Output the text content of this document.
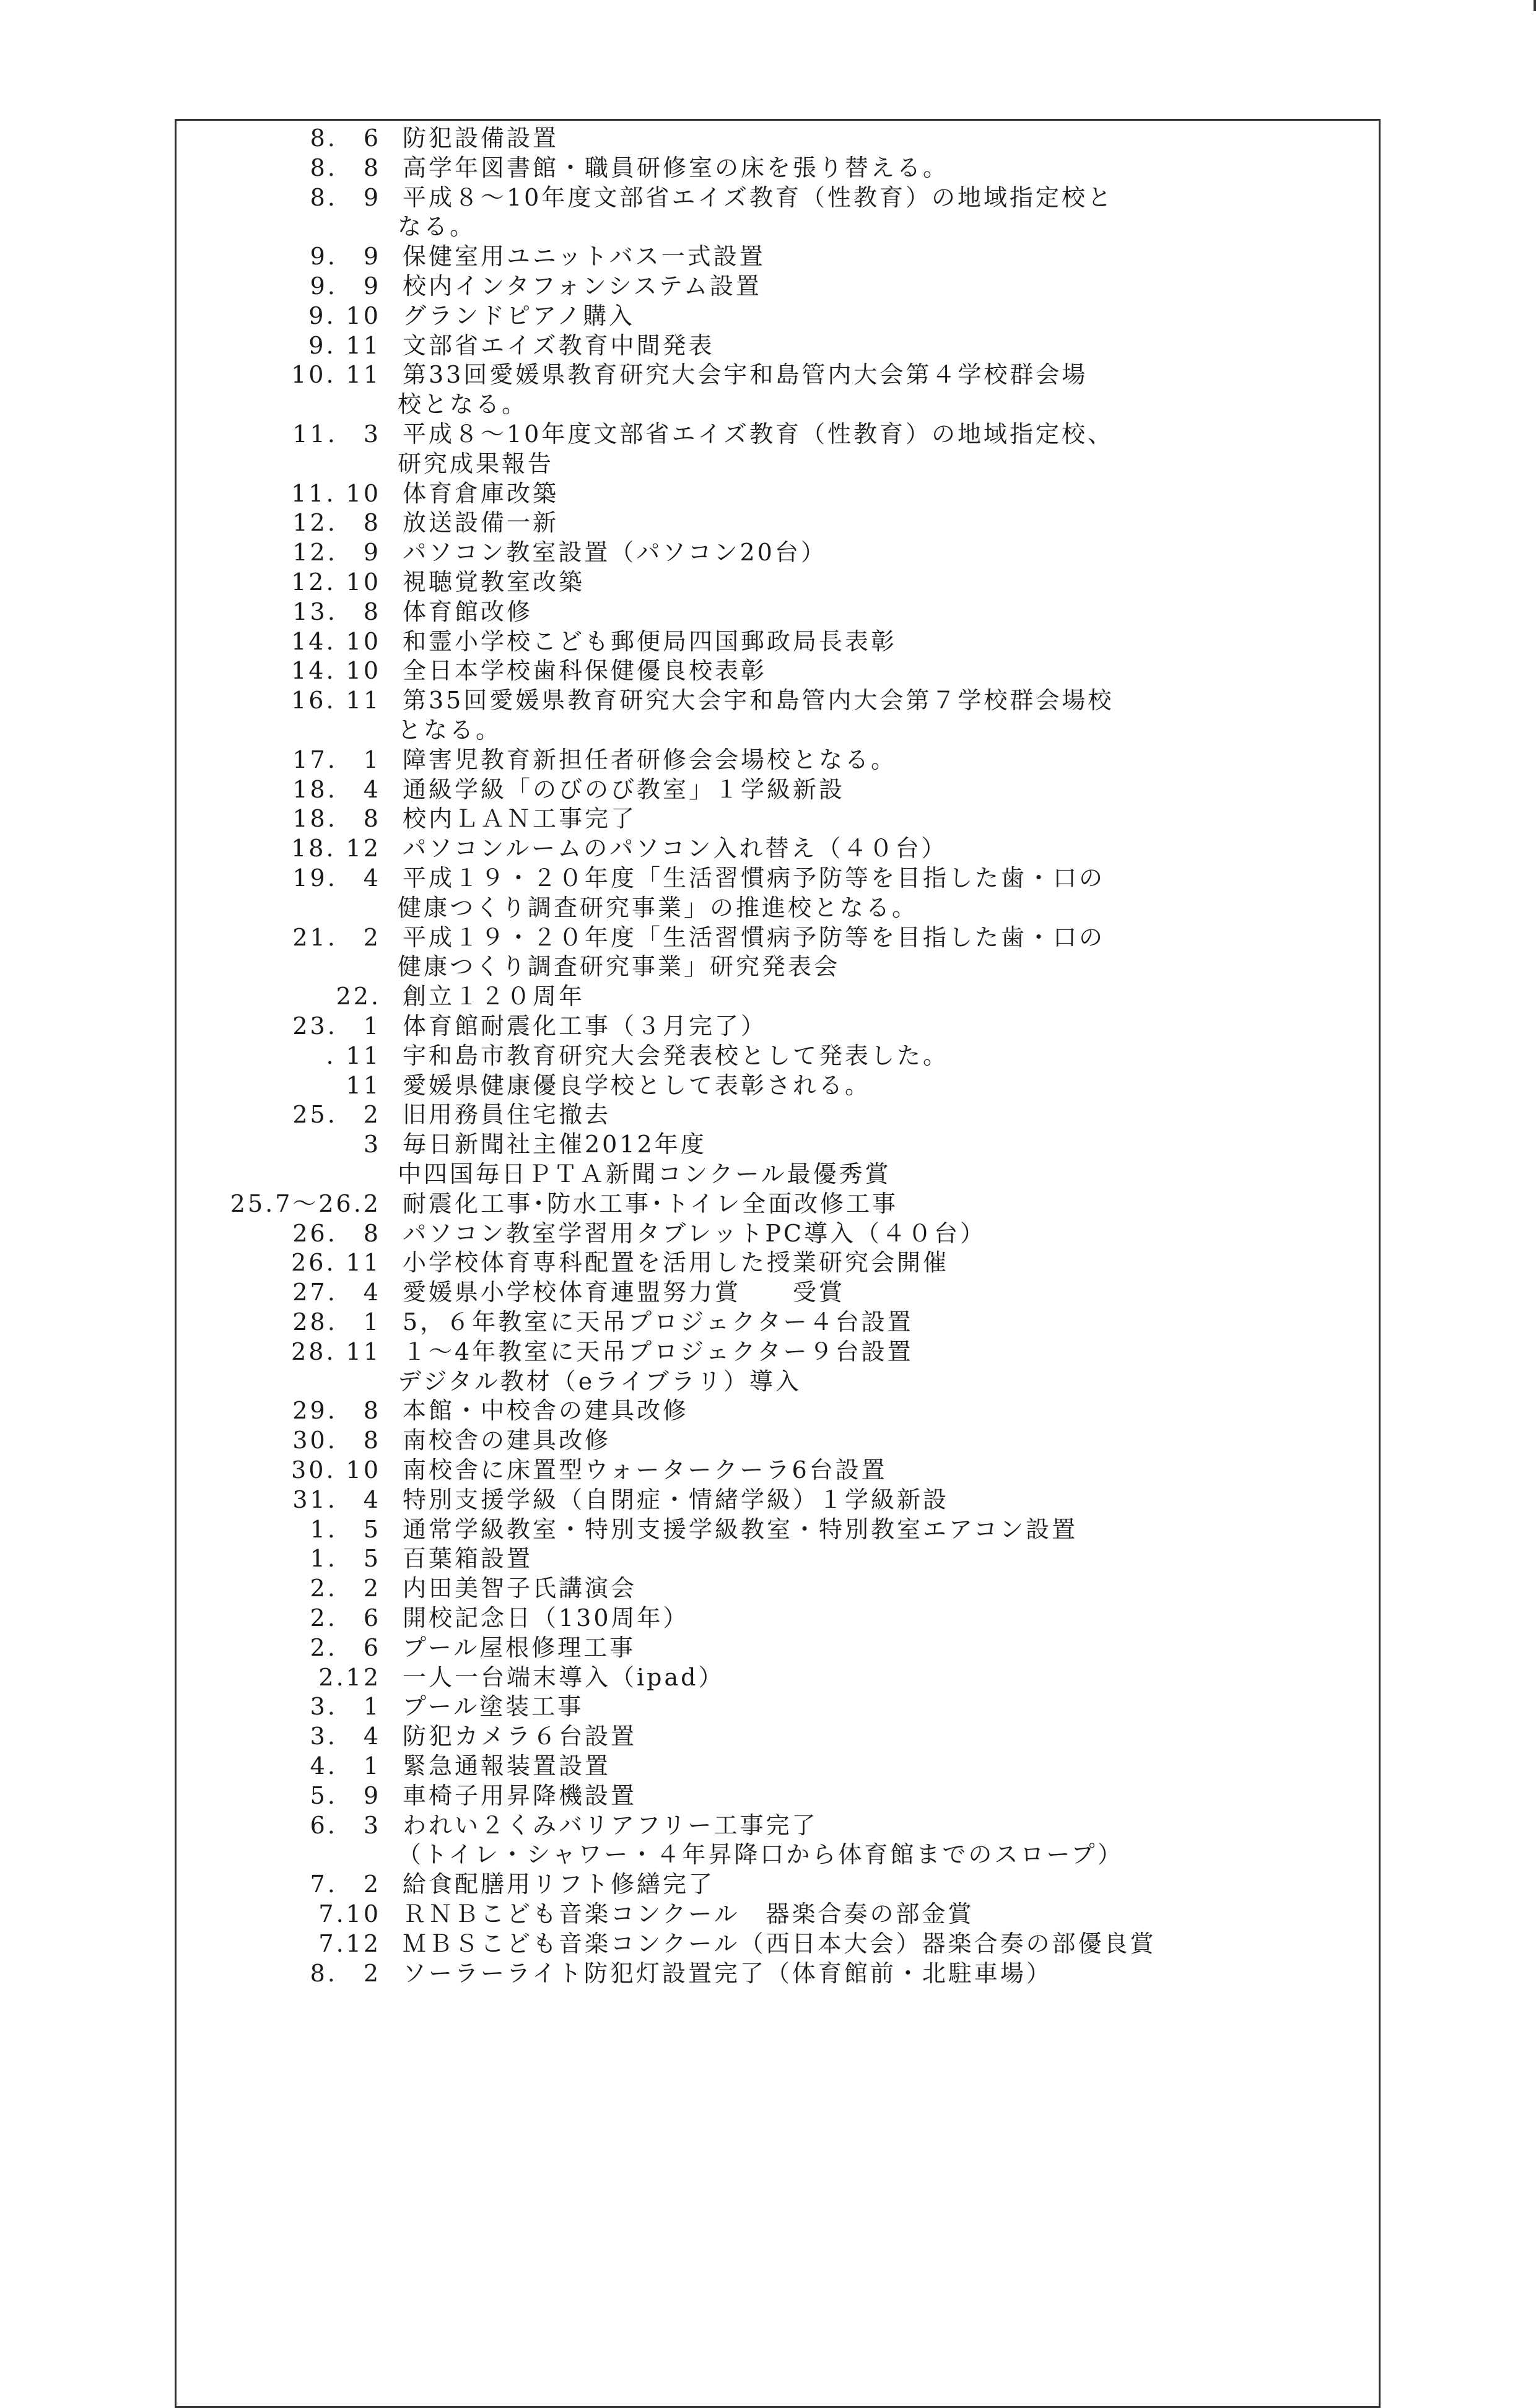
8.　6 防犯設備設置
8.　8 高学年図書館・職員研修室の床を張り替える。
8.　9 平成８～10年度文部省エイズ教育（性教育）の地域指定校と
なる。
9.　9 保健室用ユニットバス一式設置
9.　9 校内インタフォンシステム設置
9. 10 グランドピアノ購入
9. 11 文部省エイズ教育中間発表
10. 11 第33回愛媛県教育研究大会宇和島管内大会第４学校群会場
校となる。
11.　3 平成８～10年度文部省エイズ教育（性教育）の地域指定校、
研究成果報告
11. 10 体育倉庫改築
12.　8 放送設備一新
12.　9 パソコン教室設置（パソコン20台）
12. 10 視聴覚教室改築
13.　8 体育館改修
14. 10 和霊小学校こども郵便局四国郵政局長表彰
14. 10 全日本学校歯科保健優良校表彰
16. 11 第35回愛媛県教育研究大会宇和島管内大会第７学校群会場校
となる。
17.　1 障害児教育新担任者研修会会場校となる。
18.　4 通級学級「のびのび教室」１学級新設
18.　8 校内ＬＡＮ工事完了
18. 12 パソコンルームのパソコン入れ替え（４０台）
19.　4 平成１９・２０年度「生活習慣病予防等を目指した歯・口の
健康つくり調査研究事業」の推進校となる。
21.　2 平成１９・２０年度「生活習慣病予防等を目指した歯・口の
健康つくり調査研究事業」研究発表会
22. 創立１２０周年
23.　1 体育館耐震化工事（３月完了）
. 11 宇和島市教育研究大会発表校として発表した。
11 愛媛県健康優良学校として表彰される。
25.　2 旧用務員住宅撤去
3 毎日新聞社主催2012年度
中四国毎日ＰＴＡ新聞コンクール最優秀賞
25.7～26.2 耐震化工事･防水工事･トイレ全面改修工事
26.　8 パソコン教室学習用タブレットPC導入（４０台）
26. 11 小学校体育専科配置を活用した授業研究会開催
27.　4 愛媛県小学校体育連盟努力賞　　受賞
28.　1 5，６年教室に天吊プロジェクター４台設置
28. 11 １～4年教室に天吊プロジェクター９台設置
デジタル教材（eライブラリ）導入
29.　8 本館・中校舎の建具改修
30.　8 南校舎の建具改修
30. 10 南校舎に床置型ウォータークーラ6台設置
31.　4 特別支援学級（自閉症・情緒学級）１学級新設
1.　5 通常学級教室・特別支援学級教室・特別教室エアコン設置
1.　5 百葉箱設置
2.　2 内田美智子氏講演会
2.　6 開校記念日（130周年）
2.　6 プール屋根修理工事
2.12 一人一台端末導入（ipad）
3.　1 プール塗装工事
3.　4 防犯カメラ６台設置
4.　1 緊急通報装置設置
5.　9 車椅子用昇降機設置
6.　3 われい２くみバリアフリー工事完了
（トイレ・シャワー・４年昇降口から体育館までのスロープ）
7.　2 給食配膳用リフト修繕完了
7.10 ＲＮＢこども音楽コンクール　器楽合奏の部金賞
7.12 ＭＢＳこども音楽コンクール（西日本大会）器楽合奏の部優良賞
8.　2 ソーラーライト防犯灯設置完了（体育館前・北駐車場）
